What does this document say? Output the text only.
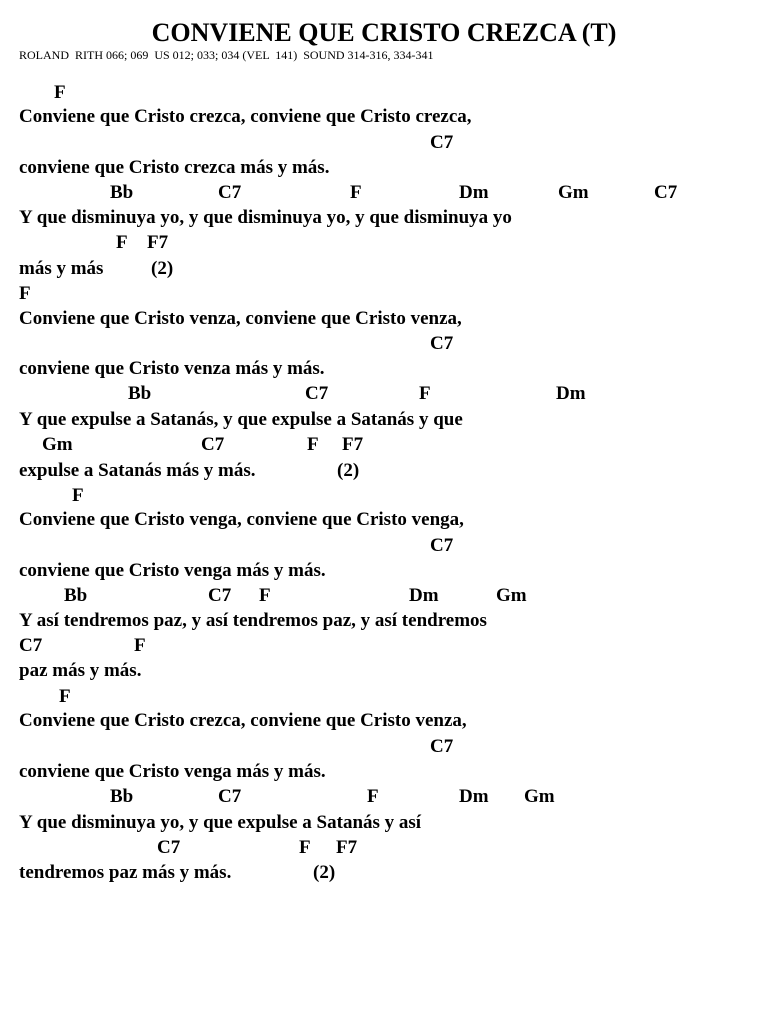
CONVIENE QUE CRISTO CREZCA (T)
ROLAND  RITH 066; 069  US 012; 033; 034 (VEL  141)  SOUND 314-316, 334-341
F
Conviene que Cristo crezca, conviene que Cristo crezca,
C7
conviene que Cristo crezca más y más.
Bb	C7	F	Dm	Gm	C7
Y que disminuya yo, y que disminuya yo, y que disminuya yo
F F7
más y más	(2)
F
Conviene que Cristo venza, conviene que Cristo venza,
C7
conviene que Cristo venza más y más.
Bb	C7	F	Dm
Y que expulse a Satanás, y que expulse a Satanás y que
Gm	C7	F F7
expulse a Satanás más y más.	(2)
F
Conviene que Cristo venga, conviene que Cristo venga,
C7
conviene que Cristo venga más y más.
Bb	C7 F	Dm	Gm
Y así tendremos paz, y así tendremos paz, y así tendremos
C7	F
paz más y más.
F
Conviene que Cristo crezca, conviene que Cristo venza,
C7
conviene que Cristo venga más y más.
Bb	C7	F	Dm Gm
Y que disminuya yo, y que expulse a Satanás y así
C7	F F7
tendremos paz más y más.	(2)
